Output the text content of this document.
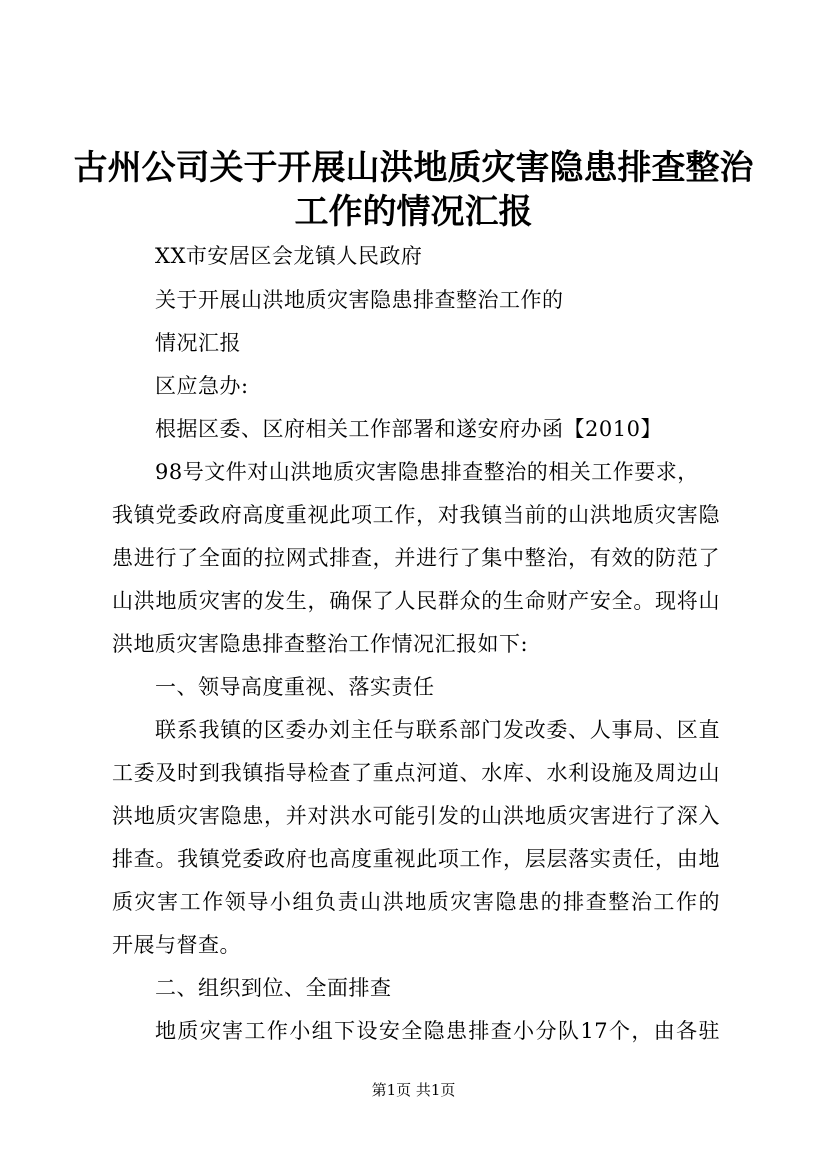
古州公司关于开展山洪地质灾害隐患排查整治
工作的情况汇报
XX市安居区会龙镇人民政府
关于开展山洪地质灾害隐患排查整治工作的
情况汇报
区应急办:
根据区委、区府相关工作部署和遂安府办函【2010】
98号文件对山洪地质灾害隐患排查整治的相关工作要求，
我镇党委政府高度重视此项工作，对我镇当前的山洪地质灾害隐
患进行了全面的拉网式排查，并进行了集中整治，有效的防范了
山洪地质灾害的发生，确保了人民群众的生命财产安全。现将山
洪地质灾害隐患排查整治工作情况汇报如下:
一、领导高度重视、落实责任
联系我镇的区委办刘主任与联系部门发改委、人事局、区直
工委及时到我镇指导检查了重点河道、水库、水利设施及周边山
洪地质灾害隐患，并对洪水可能引发的山洪地质灾害进行了深入
排查。我镇党委政府也高度重视此项工作，层层落实责任，由地
质灾害工作领导小组负责山洪地质灾害隐患的排查整治工作的
开展与督查。
二、组织到位、全面排查
地质灾害工作小组下设安全隐患排查小分队17个，由各驻
第1页 共1页
